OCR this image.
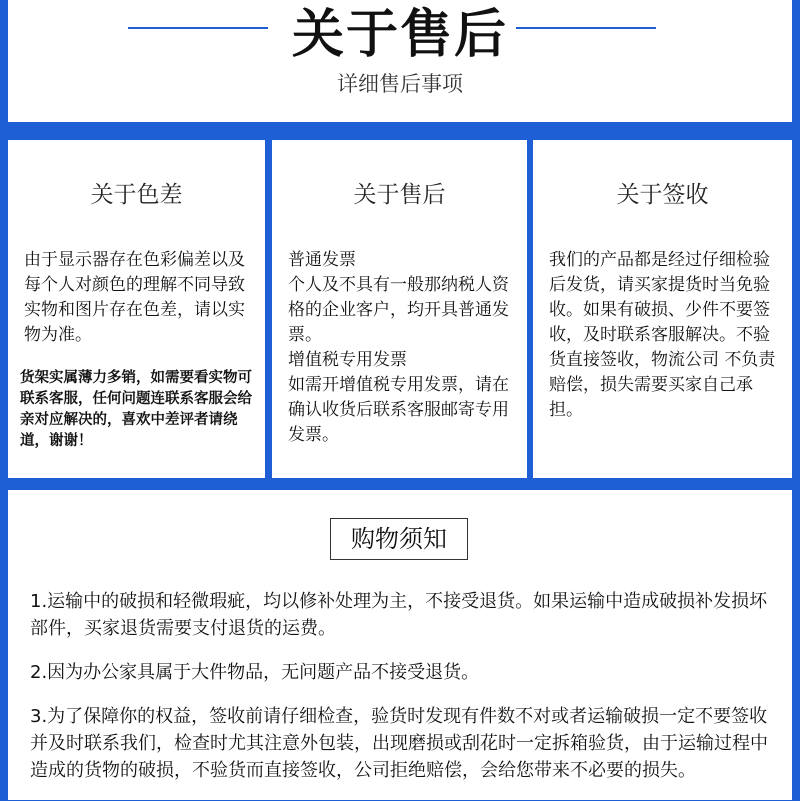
关于售后
详细售后事项
关于色差

由于显示器存在色彩偏差以及每个人对颜色的理解不同导致实物和图片存在色差，请以实物为准。

货架实属薄力多销，如需要看实物可联系客服，任何问题连联系客服会给亲对应解决的，喜欢中差评者请绕道，谢谢！
关于售后

普通发票

个人及不具有一般那纳税人资格的企业客户，均开具普通发票。

增值税专用发票

如需开增值税专用发票，请在确认收货后联系客服邮寄专用发票。

关于签收

我们的产品都是经过仔细检验后发货，请买家提货时当免验收。如果有破损、少件不要签收，及时联系客服解决。不验货直接签收，物流公司 不负责赔偿，损失需要买家自己承担。

购物须知

1.运输中的破损和轻微瑕疵，均以修补处理为主，不接受退货。如果运输中造成破损补发损坏部件，买家退货需要支付退货的运费。

2.因为办公家具属于大件物品，无问题产品不接受退货。

3.为了保障你的权益，签收前请仔细检查，验货时发现有件数不对或者运输破损一定不要签收并及时联系我们，检查时尤其注意外包装，出现磨损或刮花时一定拆箱验货，由于运输过程中造成的货物的破损，不验货而直接签收，公司拒绝赔偿，会给您带来不必要的损失。
